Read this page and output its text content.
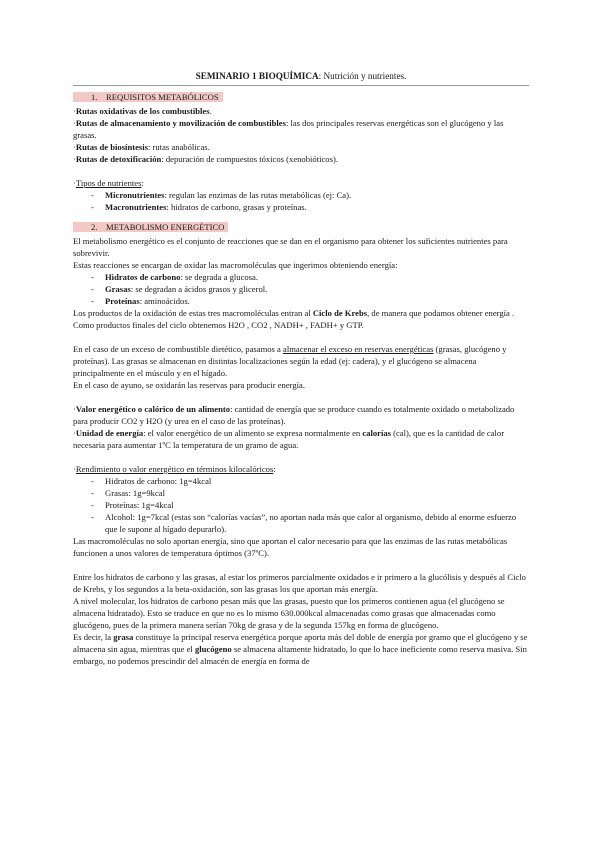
SEMINARIO 1 BIOQUÍMICA: Nutrición y nutrientes.
1. REQUISITOS METABÓLICOS

·Rutas oxidativas de los combustibles.

·Rutas de almacenamiento y movilización de combustibles: las dos principales reservas energéticas son el glucógeno y las grasas.

·Rutas de biosíntesis: rutas anabólicas.

·Rutas de detoxificación: depuración de compuestos tóxicos (xenobióticos).

·Tipos de nutrientes:

- Micronutrientes: regulan las enzimas de las rutas metabólicas (ej: Ca).
- Macronutrientes: hidratos de carbono, grasas y proteínas.
2. METABOLISMO ENERGÉTICO

El metabolismo energético es el conjunto de reacciones que se dan en el organismo para obtener los suficientes nutrientes para sobrevivir.

Estas reacciones se encargan de oxidar las macromoléculas que ingerimos obteniendo energía:

- Hidratos de carbono: se degrada a glucosa.
- Grasas: se degradan a ácidos grasos y glicerol.
- Proteínas: aminoácidos.

Los productos de la oxidación de estas tres macromoléculas entran al Ciclo de Krebs, de manera que podamos obtener energía . Como productos finales del ciclo obtenemos H2O , CO2 , NADH+ , FADH+ y GTP.

En el caso de un exceso de combustible dietético, pasamos a almacenar el exceso en reservas energéticas (grasas, glucógeno y proteínas). Las grasas se almacenan en distintas localizaciones según la edad (ej: cadera), y el glucógeno se almacena principalmente en el músculo y en el hígado.

En el caso de ayuno, se oxidarán las reservas para producir energía.

·Valor energético o calórico de un alimento: cantidad de energía que se produce cuando es totalmente oxidado o metabolizado para producir CO2 y H2O (y urea en el caso de las proteínas).

·Unidad de energía: el valor energético de un alimento se expresa normalmente en calorías (cal), que es la cantidad de calor necesaria para aumentar 1ºC la temperatura de un gramo de agua.

·Rendimiento o valor energético en términos kilocalóricos:

- Hidratos de carbono: 1g=4kcal
- Grasas: 1g=9kcal
- Proteínas: 1g=4kcal
- Alcohol: 1g=7kcal (estas son “calorías vacías”, no aportan nada más que calor al organismo, debido al enorme esfuerzo que le supone al hígado depurarlo).

Las macromoléculas no solo aportan energía, sino que aportan el calor necesario para que las enzimas de las rutas metabólicas funcionen a unos valores de temperatura óptimos (37ºC).

Entre los hidratos de carbono y las grasas, al estar los primeros parcialmente oxidados e ir primero a la glucólisis y después al Ciclo de Krebs, y los segundos a la beta-oxidación, son las grasas los que aportan más energía.

A nivel molecular, los hidratos de carbono pesan más que las grasas, puesto que los primeros contienen agua (el glucógeno se almacena hidratado). Esto se traduce en que no es lo mismo 630.000kcal almacenadas como grasas que almacenadas como glucógeno, pues de la primera manera serían 70kg de grasa y de la segunda 157kg en forma de glucógeno.

Es decir, la grasa constituye la principal reserva energética porque aporta más del doble de energía por gramo que el glucógeno y se almacena sin agua, mientras que el glucógeno se almacena altamente hidratado, lo que lo hace ineficiente como reserva masiva. Sin embargo, no podemos prescindir del almacén de energía en forma de
